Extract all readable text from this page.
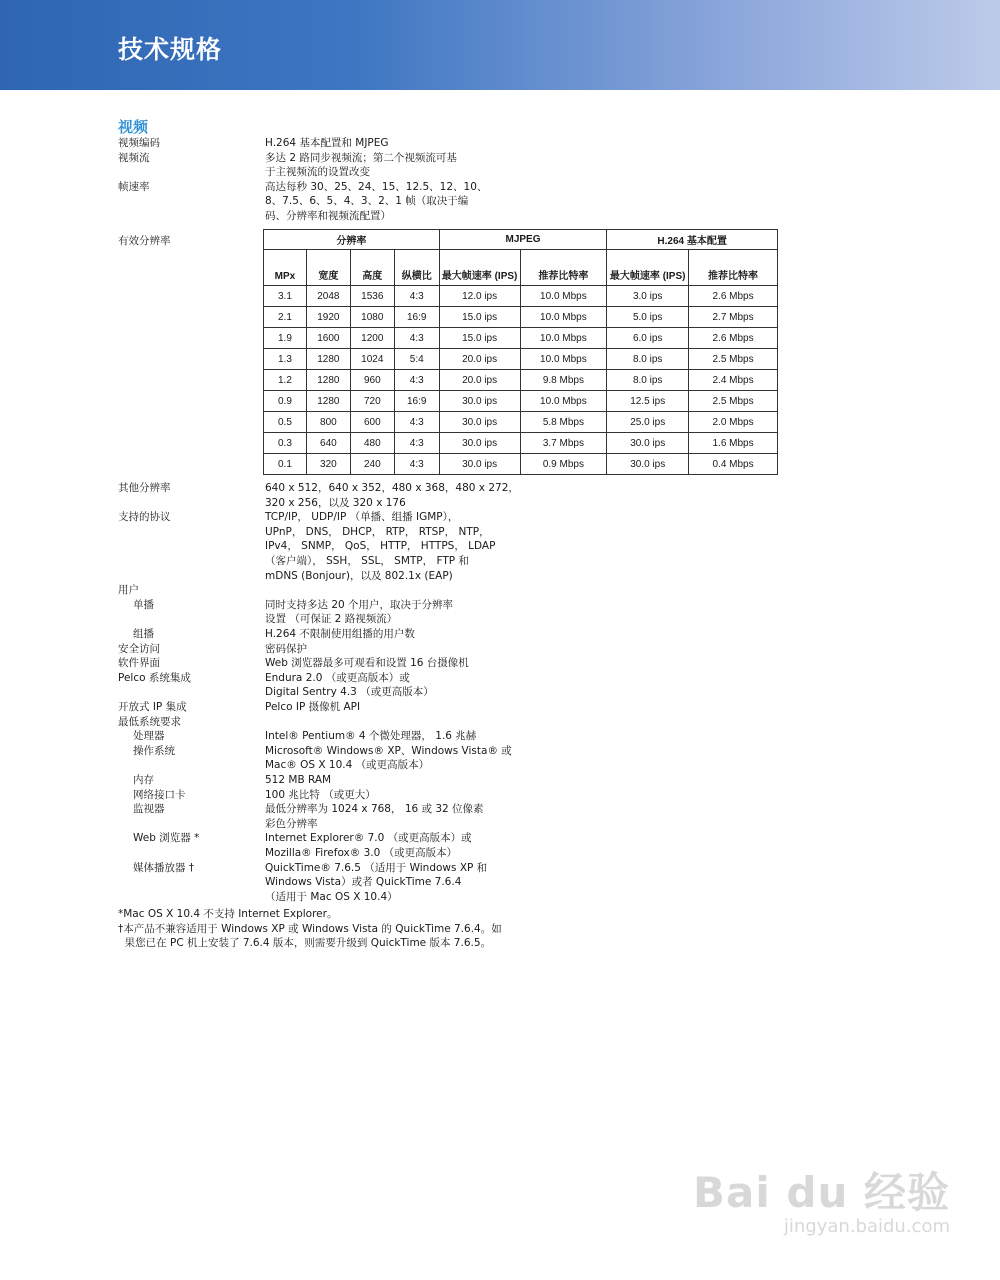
技术规格
视频
视频编码	H.264 基本配置和 MJPEG
视频流	多达 2 路同步视频流；第二个视频流可基
于主视频流的设置改变
帧速率	高达每秒 30、25、24、15、12.5、12、10、
8、7.5、6、5、4、3、2、1 帧（取决于编
码、分辨率和视频流配置）
有效分辨率	分辨率				MJPEG		H.264 基本配置	
MPx	宽度	高度	纵横比	最大帧速率 (IPS)	推荐比特率	最大帧速率 (IPS)	推荐比特率
3.1	2048	1536	4:3	12.0 ips	10.0 Mbps	3.0 ips	2.6 Mbps
2.1	1920	1080	16:9	15.0 ips	10.0 Mbps	5.0 ips	2.7 Mbps
1.9	1600	1200	4:3	15.0 ips	10.0 Mbps	6.0 ips	2.6 Mbps
1.3	1280	1024	5:4	20.0 ips	10.0 Mbps	8.0 ips	2.5 Mbps
1.2	1280	960	4:3	20.0 ips	9.8 Mbps	8.0 ips	2.4 Mbps
0.9	1280	720	16:9	30.0 ips	10.0 Mbps	12.5 ips	2.5 Mbps
0.5	800	600	4:3	30.0 ips	5.8 Mbps	25.0 ips	2.0 Mbps
0.3	640	480	4:3	30.0 ips	3.7 Mbps	30.0 ips	1.6 Mbps
0.1	320	240	4:3	30.0 ips	0.9 Mbps	30.0 ips	0.4 Mbps
其他分辨率	640 x 512，640 x 352，480 x 368，480 x 272，
320 x 256，以及 320 x 176
支持的协议	TCP/IP， UDP/IP （单播、组播 IGMP），
UPnP， DNS， DHCP， RTP， RTSP， NTP，
IPv4， SNMP， QoS， HTTP， HTTPS， LDAP
（客户端）， SSH， SSL， SMTP， FTP 和
mDNS (Bonjour)，以及 802.1x (EAP)
用户
单播	同时支持多达 20 个用户，取决于分辨率
设置 （可保证 2 路视频流）
组播	H.264 不限制使用组播的用户数
安全访问	密码保护
软件界面	Web 浏览器最多可观看和设置 16 台摄像机
Pelco 系统集成	Endura 2.0 （或更高版本）或
Digital Sentry 4.3 （或更高版本）
开放式 IP 集成	Pelco IP 摄像机 API
最低系统要求
处理器	Intel® Pentium® 4 个微处理器， 1.6 兆赫
操作系统	Microsoft® Windows® XP、Windows Vista® 或
Mac® OS X 10.4 （或更高版本）
内存	512 MB RAM
网络接口卡	100 兆比特 （或更大）
监视器	最低分辨率为 1024 x 768， 16 或 32 位像素
彩色分辨率
Web 浏览器 *	Internet Explorer® 7.0 （或更高版本）或
Mozilla® Firefox® 3.0 （或更高版本）
媒体播放器 †	QuickTime® 7.6.5 （适用于 Windows XP 和
Windows Vista）或者 QuickTime 7.6.4
（适用于 Mac OS X 10.4）
*Mac OS X 10.4 不支持 Internet Explorer。
†本产品不兼容适用于 Windows XP 或 Windows Vista 的 QuickTime 7.6.4。如
果您已在 PC 机上安装了 7.6.4 版本，则需要升级到 QuickTime 版本 7.6.5。
Bai du 经验
jingyan.baidu.com
